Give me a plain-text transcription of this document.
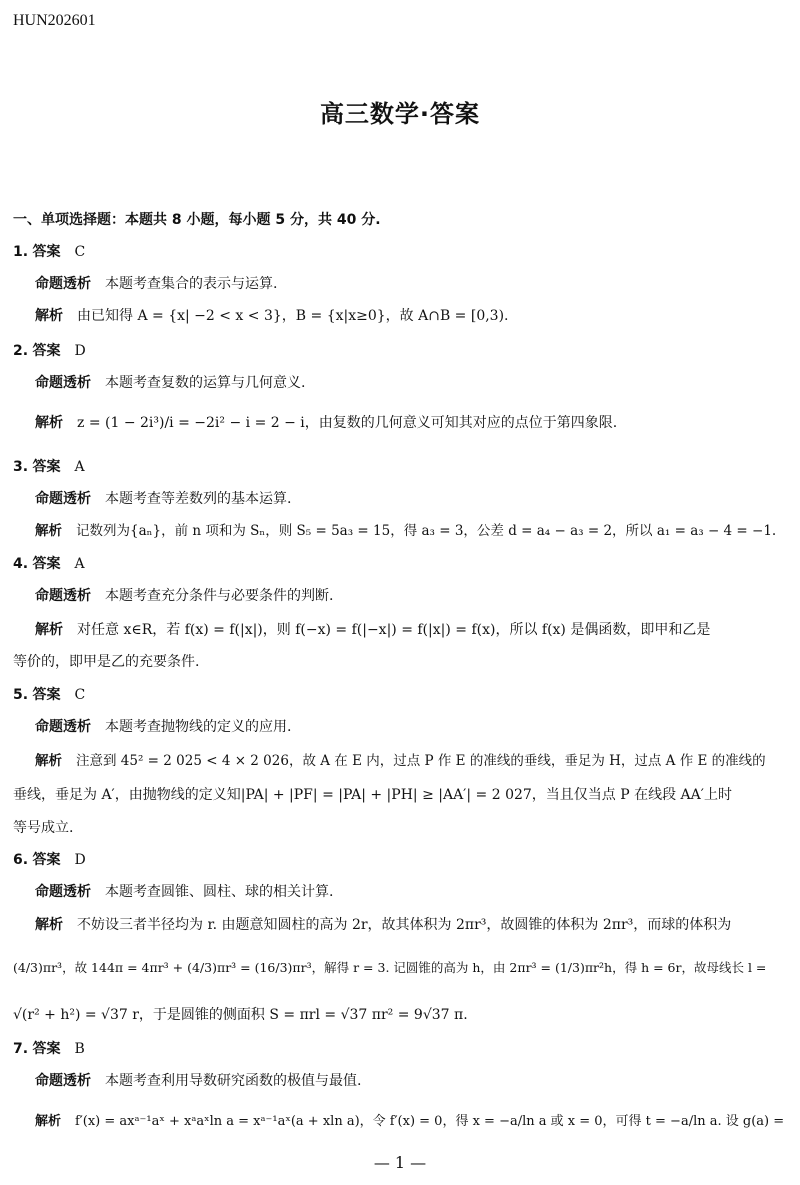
HUN202601
高三数学·答案
一、单项选择题：本题共 8 小题，每小题 5 分，共 40 分.
1. 答案 C
命题透析 本题考查集合的表示与运算.
解析 由已知得 A = {x| −2 < x < 3}，B = {x|x≥0}，故 A∩B = [0,3).
2. 答案 D
命题透析 本题考查复数的运算与几何意义.
解析 z = (1 − 2i³)/i = −2i² − i = 2 − i，由复数的几何意义可知其对应的点位于第四象限.
3. 答案 A
命题透析 本题考查等差数列的基本运算.
解析 记数列为{aₙ}，前 n 项和为 Sₙ，则 S₅ = 5a₃ = 15，得 a₃ = 3，公差 d = a₄ − a₃ = 2，所以 a₁ = a₃ − 4 = −1.
4. 答案 A
命题透析 本题考查充分条件与必要条件的判断.
解析 对任意 x∈R，若 f(x) = f(|x|)，则 f(−x) = f(|−x|) = f(|x|) = f(x)，所以 f(x) 是偶函数，即甲和乙是
等价的，即甲是乙的充要条件.
5. 答案 C
命题透析 本题考查抛物线的定义的应用.
解析 注意到 45² = 2 025 < 4 × 2 026，故 A 在 E 内，过点 P 作 E 的准线的垂线，垂足为 H，过点 A 作 E 的准线的
垂线，垂足为 A′，由抛物线的定义知|PA| + |PF| = |PA| + |PH| ≥ |AA′| = 2 027，当且仅当点 P 在线段 AA′上时
等号成立.
6. 答案 D
命题透析 本题考查圆锥、圆柱、球的相关计算.
解析 不妨设三者半径均为 r. 由题意知圆柱的高为 2r，故其体积为 2πr³，故圆锥的体积为 2πr³，而球的体积为
(4/3)πr³，故 144π = 4πr³ + (4/3)πr³ = (16/3)πr³，解得 r = 3. 记圆锥的高为 h，由 2πr³ = (1/3)πr²h，得 h = 6r，故母线长 l =
√(r² + h²) = √37 r，于是圆锥的侧面积 S = πrl = √37 πr² = 9√37 π.
7. 答案 B
命题透析 本题考查利用导数研究函数的极值与最值.
解析 f′(x) = axᵃ⁻¹aˣ + xᵃaˣln a = xᵃ⁻¹aˣ(a + xln a)，令 f′(x) = 0，得 x = −a/ln a 或 x = 0，可得 t = −a/ln a. 设 g(a) =
— 1 —
